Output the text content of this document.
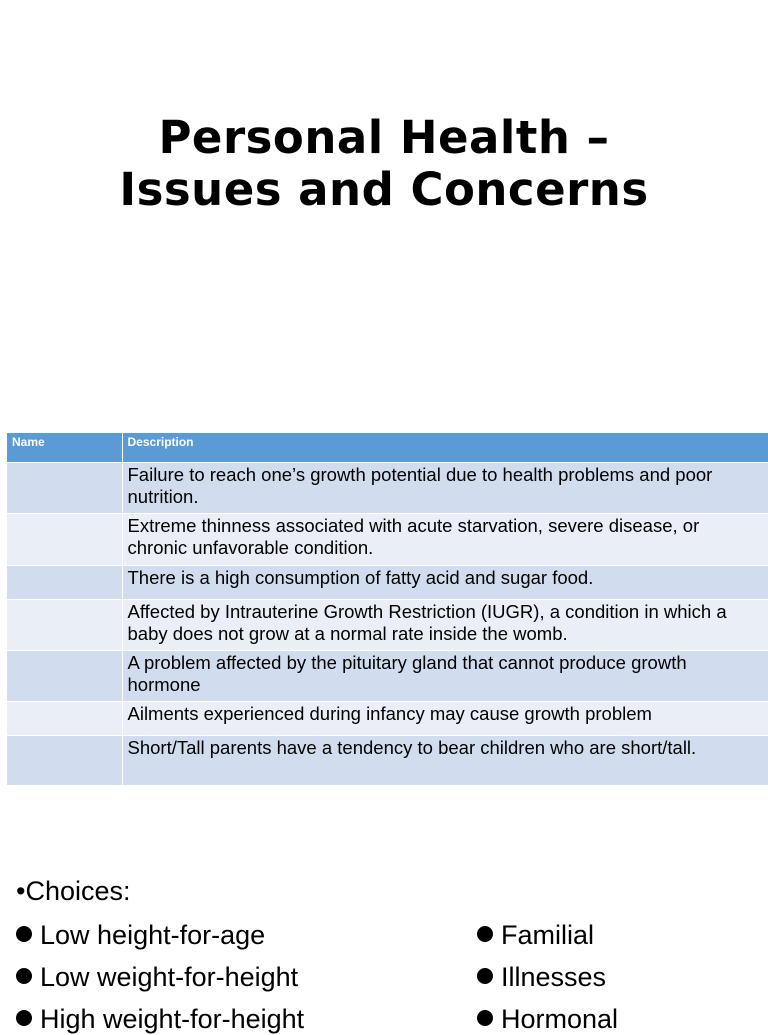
Personal Health –
Issues and Concerns
Name	Description
	Failure to reach one’s growth potential due to health problems and poor nutrition.
	Extreme thinness associated with acute starvation, severe disease, or chronic unfavorable condition.
	There is a high consumption of fatty acid and sugar food.
	Affected by Intrauterine Growth Restriction (IUGR), a condition in which a baby does not grow at a normal rate inside the womb.
	A problem affected by the pituitary gland that cannot produce growth hormone
	Ailments experienced during infancy may cause growth problem
	Short/Tall parents have a tendency to bear children who are short/tall.
•Choices:
Low height-for-age
Low weight-for-height
High weight-for-height
Familial
Illnesses
Hormonal
